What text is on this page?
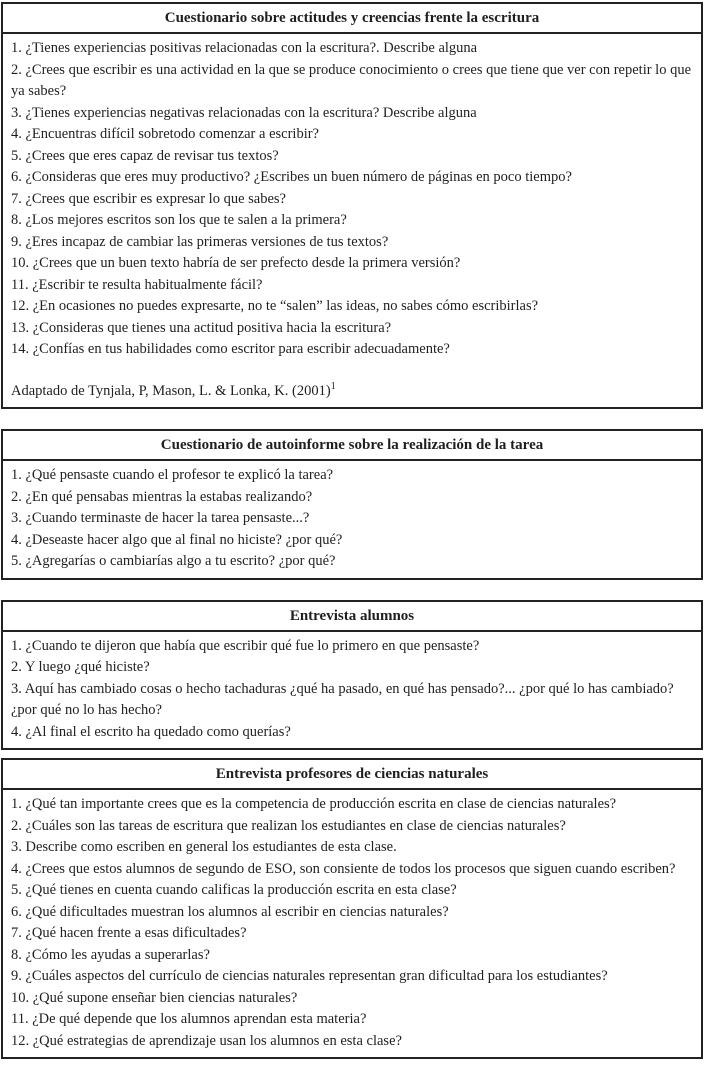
Cuestionario sobre actitudes y creencias frente la escritura

1. ¿Tienes experiencias positivas relacionadas con la escritura?. Describe alguna

2. ¿Crees que escribir es una actividad en la que se produce conocimiento o crees que tiene que ver con repetir lo que ya sabes?

3. ¿Tienes experiencias negativas relacionadas con la escritura? Describe alguna

4. ¿Encuentras difícil sobretodo comenzar a escribir?

5. ¿Crees que eres capaz de revisar tus textos?

6. ¿Consideras que eres muy productivo? ¿Escribes un buen número de páginas en poco tiempo?

7. ¿Crees que escribir es expresar lo que sabes?

8. ¿Los mejores escritos son los que te salen a la primera?

9. ¿Eres incapaz de cambiar las primeras versiones de tus textos?

10. ¿Crees que un buen texto habría de ser prefecto desde la primera versión?

11. ¿Escribir te resulta habitualmente fácil?

12. ¿En ocasiones no puedes expresarte, no te “salen” las ideas, no sabes cómo escribirlas?

13. ¿Consideras que tienes una actitud positiva hacia la escritura?

14. ¿Confías en tus habilidades como escritor para escribir adecuadamente?

Adaptado de Tynjala, P, Mason, L. & Lonka, K. $(2001)^1$

Cuestionario de autoinforme sobre la realización de la tarea

1. ¿Qué pensaste cuando el profesor te explicó la tarea?

2. ¿En qué pensabas mientras la estabas realizando?

3. ¿Cuando terminaste de hacer la tarea pensaste...?

4. ¿Deseaste hacer algo que al final no hiciste? ¿por qué?

5. ¿Agregarías o cambiarías algo a tu escrito? ¿por qué?

Entrevista alumnos

1. ¿Cuando te dijeron que había que escribir qué fue lo primero en que pensaste?

2. Y luego ¿qué hiciste?

3. Aquí has cambiado cosas o hecho tachaduras ¿qué ha pasado, en qué has pensado?... ¿por qué lo has cambiado? ¿por qué no lo has hecho?

4. ¿Al final el escrito ha quedado como querías?

Entrevista profesores de ciencias naturales

1. ¿Qué tan importante crees que es la competencia de producción escrita en clase de ciencias naturales?

2. ¿Cuáles son las tareas de escritura que realizan los estudiantes en clase de ciencias naturales?

3. Describe como escriben en general los estudiantes de esta clase.

4. ¿Crees que estos alumnos de segundo de ESO, son consiente de todos los procesos que siguen cuando escriben?

5. ¿Qué tienes en cuenta cuando calificas la producción escrita en esta clase?

6. ¿Qué dificultades muestran los alumnos al escribir en ciencias naturales?

7. ¿Qué hacen frente a esas dificultades?

8. ¿Cómo les ayudas a superarlas?

9. ¿Cuáles aspectos del currículo de ciencias naturales representan gran dificultad para los estudiantes?

10. ¿Qué supone enseñar bien ciencias naturales?

11. ¿De qué depende que los alumnos aprendan esta materia?

12. ¿Qué estrategias de aprendizaje usan los alumnos en esta clase?
